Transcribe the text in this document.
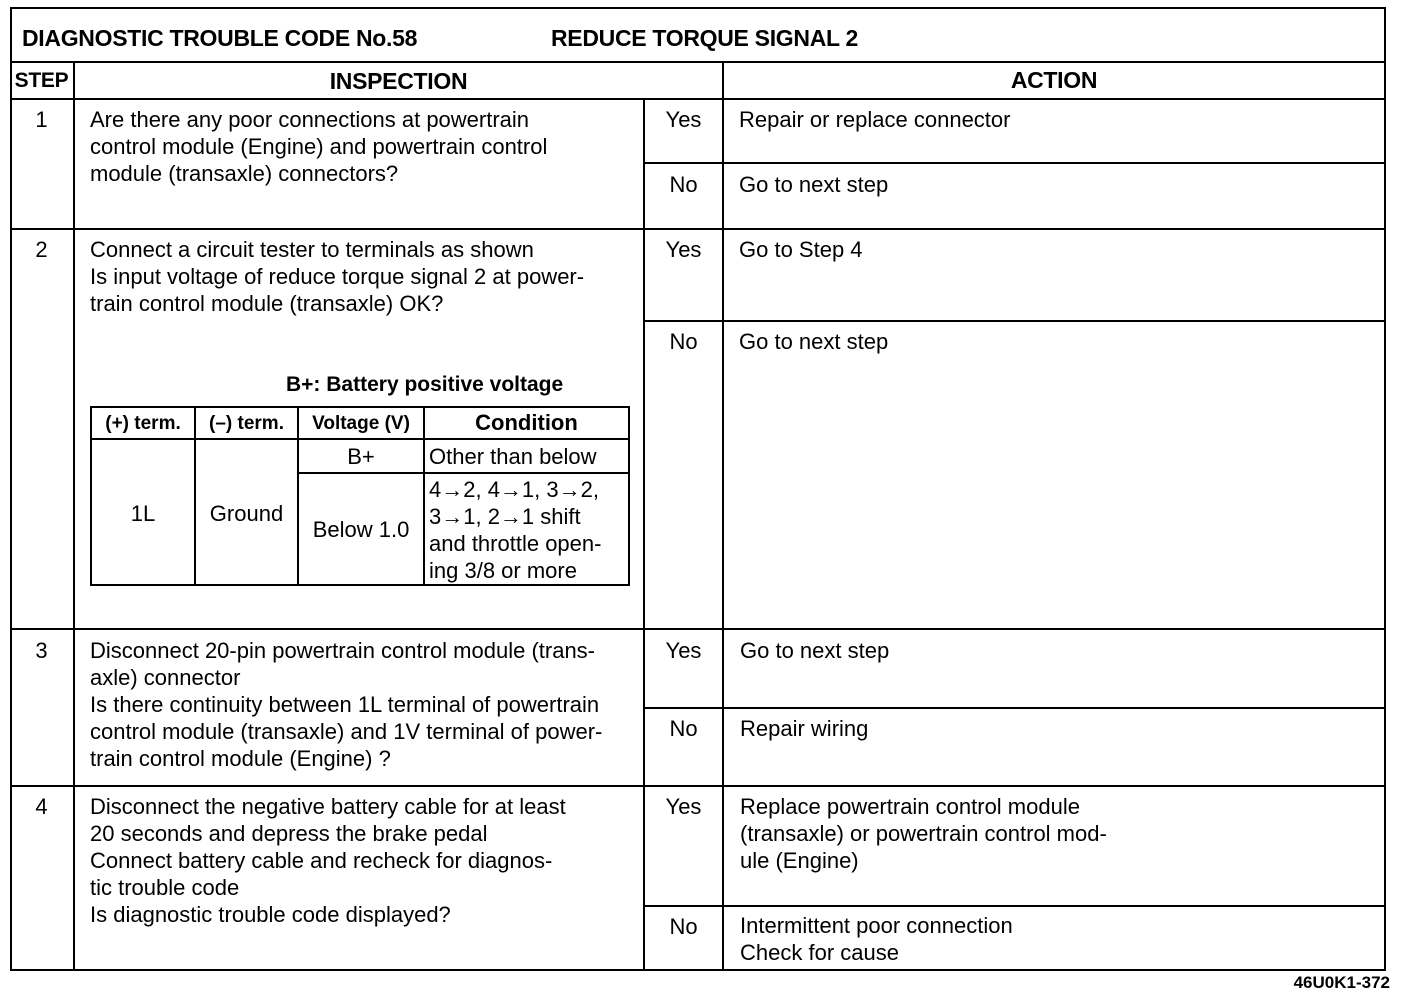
DIAGNOSTIC TROUBLE CODE No.58	REDUCE TORQUE SIGNAL 2
STEP	INSPECTION	ACTION
1	Are there any poor connections at powertrain
control module (Engine) and powertrain control
module (transaxle) connectors?
Yes	Repair or replace connector
No	Go to next step
2	Connect a circuit tester to terminals as shown
Is input voltage of reduce torque signal 2 at power-
train control module (transaxle) OK?
B+: Battery positive voltage
(+) term.	(–) term.	Voltage (V)	Condition
1L	Ground
B+	Other than below
Below 1.0
4→2, 4→1, 3→2,
3→1, 2→1 shift
and throttle open-
ing 3/8 or more
Yes	Go to Step 4
No	Go to next step
3	Disconnect 20-pin powertrain control module (trans-
axle) connector
Is there continuity between 1L terminal of powertrain
control module (transaxle) and 1V terminal of power-
train control module (Engine) ?
Yes	Go to next step
No	Repair wiring
4	Disconnect the negative battery cable for at least
20 seconds and depress the brake pedal
Connect battery cable and recheck for diagnos-
tic trouble code
Is diagnostic trouble code displayed?
Yes	Replace powertrain control module
(transaxle) or powertrain control mod-
ule (Engine)
No	Intermittent poor connection
Check for cause
46U0K1-372
